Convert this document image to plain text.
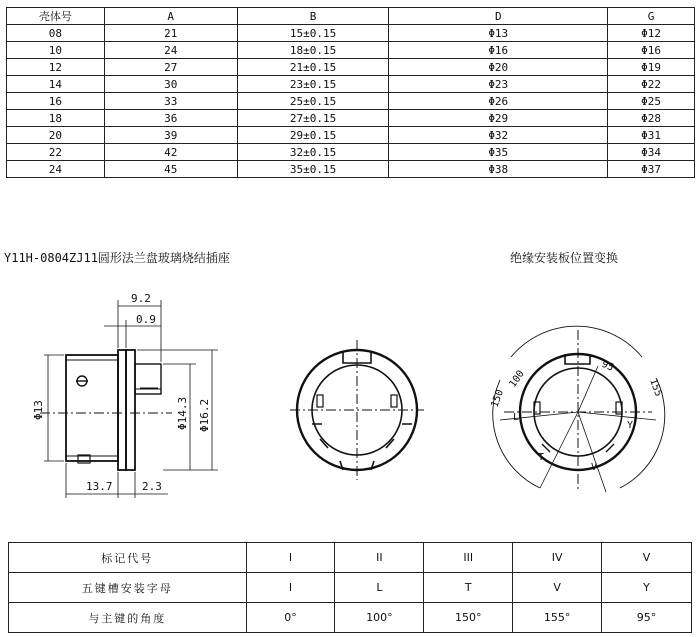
壳体号	A	B	D	G
08	21	15±0.15	Φ13	Φ12
10	24	18±0.15	Φ16	Φ16
12	27	21±0.15	Φ20	Φ19
14	30	23±0.15	Φ23	Φ22
16	33	25±0.15	Φ26	Φ25
18	36	27±0.15	Φ29	Φ28
20	39	29±0.15	Φ32	Φ31
22	42	32±0.15	Φ35	Φ34
24	45	35±0.15	Φ38	Φ37
Y11H-0804ZJ11圆形法兰盘玻璃烧结插座	绝缘安装板位置变换
9.2
0.9
Φ13	Φ14.3 Φ16.2
13.7	2.3
150
100
95
155
L
T
V
Y
标记代号	I	II	III	IV	V
五键槽安装字母	I	L	T	V	Y
与主键的角度	0°	100°	150°	155°	95°
